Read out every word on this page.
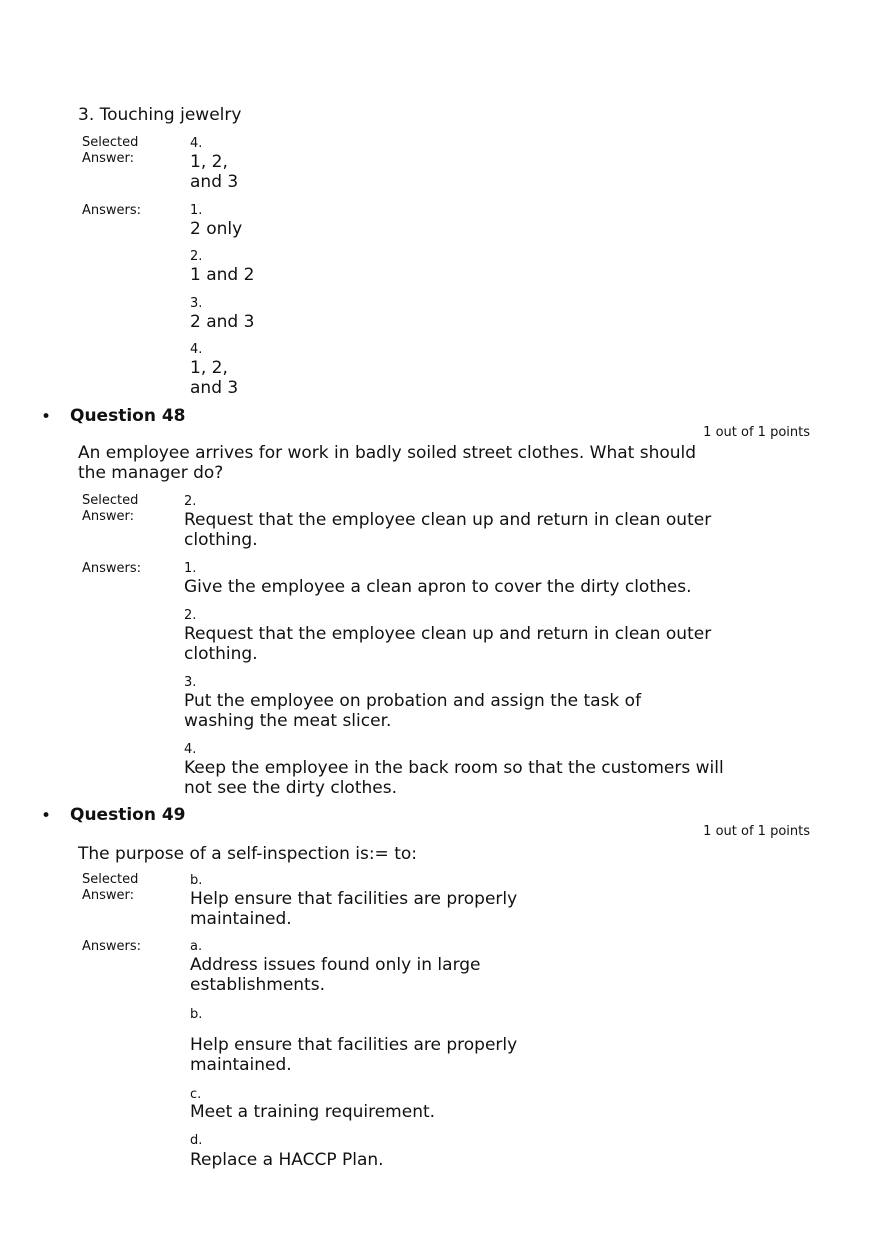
3. Touching jewelry
Selected Answer:
4.
1, 2, and 3
Answers:	1.
2 only
2.
1 and 2
3.
2 and 3
4.
1, 2, and 3
• Question 48
1 out of 1 points
An employee arrives for work in badly soiled street clothes. What should the manager do?
Selected Answer:
2.
Request that the employee clean up and return in clean outer clothing.
Answers:	1.
Give the employee a clean apron to cover the dirty clothes.
2.
Request that the employee clean up and return in clean outer clothing.
3.
Put the employee on probation and assign the task of washing the meat slicer.
4.
Keep the employee in the back room so that the customers will not see the dirty clothes.
• Question 49
1 out of 1 points
The purpose of a self-inspection is:= to:
Selected Answer:
b.
Help ensure that facilities are properly maintained.
Answers:	a.
Address issues found only in large establishments.
b.
Help ensure that facilities are properly maintained.
c.
Meet a training requirement.
d.
Replace a HACCP Plan.
